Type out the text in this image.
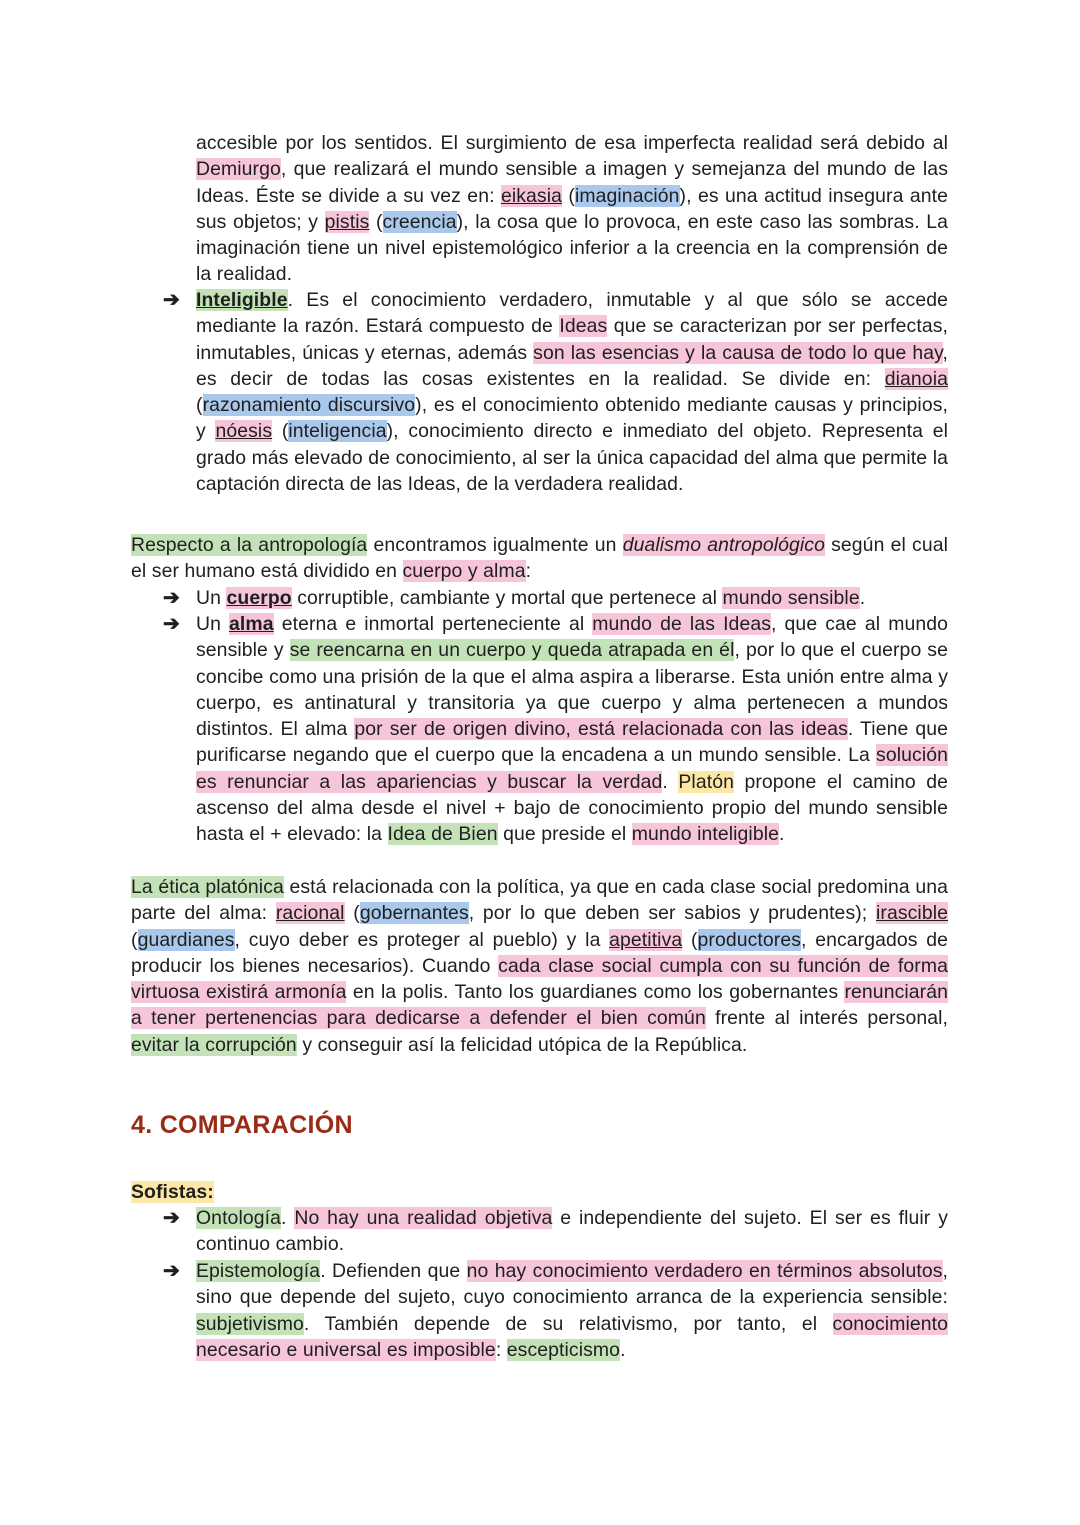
accesible por los sentidos. El surgimiento de esa imperfecta realidad será debido al Demiurgo, que realizará el mundo sensible a imagen y semejanza del mundo de las Ideas. Éste se divide a su vez en: eikasia (imaginación), es una actitud insegura ante sus objetos; y pistis (creencia), la cosa que lo provoca, en este caso las sombras. La imaginación tiene un nivel epistemológico inferior a la creencia en la comprensión de la realidad.

➔ Inteligible. Es el conocimiento verdadero, inmutable y al que sólo se accede mediante la razón. Estará compuesto de Ideas que se caracterizan por ser perfectas, inmutables, únicas y eternas, además son las esencias y la causa de todo lo que hay, es decir de todas las cosas existentes en la realidad. Se divide en: dianoia (razonamiento discursivo), es el conocimiento obtenido mediante causas y principios, y nóesis (inteligencia), conocimiento directo e inmediato del objeto. Representa el grado más elevado de conocimiento, al ser la única capacidad del alma que permite la captación directa de las Ideas, de la verdadera realidad.

Respecto a la antropología encontramos igualmente un dualismo antropológico según el cual el ser humano está dividido en cuerpo y alma:

➔ Un cuerpo corruptible, cambiante y mortal que pertenece al mundo sensible.

➔ Un alma eterna e inmortal perteneciente al mundo de las Ideas, que cae al mundo sensible y se reencarna en un cuerpo y queda atrapada en él, por lo que el cuerpo se concibe como una prisión de la que el alma aspira a liberarse. Esta unión entre alma y cuerpo, es antinatural y transitoria ya que cuerpo y alma pertenecen a mundos distintos. El alma por ser de origen divino, está relacionada con las ideas. Tiene que purificarse negando que el cuerpo que la encadena a un mundo sensible. La solución es renunciar a las apariencias y buscar la verdad. Platón propone el camino de ascenso del alma desde el nivel + bajo de conocimiento propio del mundo sensible hasta el + elevado: la Idea de Bien que preside el mundo inteligible.

La ética platónica está relacionada con la política, ya que en cada clase social predomina una parte del alma: racional (gobernantes, por lo que deben ser sabios y prudentes); irascible (guardianes, cuyo deber es proteger al pueblo) y la apetitiva (productores, encargados de producir los bienes necesarios). Cuando cada clase social cumpla con su función de forma virtuosa existirá armonía en la polis. Tanto los guardianes como los gobernantes renunciarán a tener pertenencias para dedicarse a defender el bien común frente al interés personal, evitar la corrupción y conseguir así la felicidad utópica de la República.

4. COMPARACIÓN

Sofistas:

➔ Ontología. No hay una realidad objetiva e independiente del sujeto. El ser es fluir y continuo cambio.

➔ Epistemología. Defienden que no hay conocimiento verdadero en términos absolutos, sino que depende del sujeto, cuyo conocimiento arranca de la experiencia sensible: subjetivismo. También depende de su relativismo, por tanto, el conocimiento necesario e universal es imposible: escepticismo.
